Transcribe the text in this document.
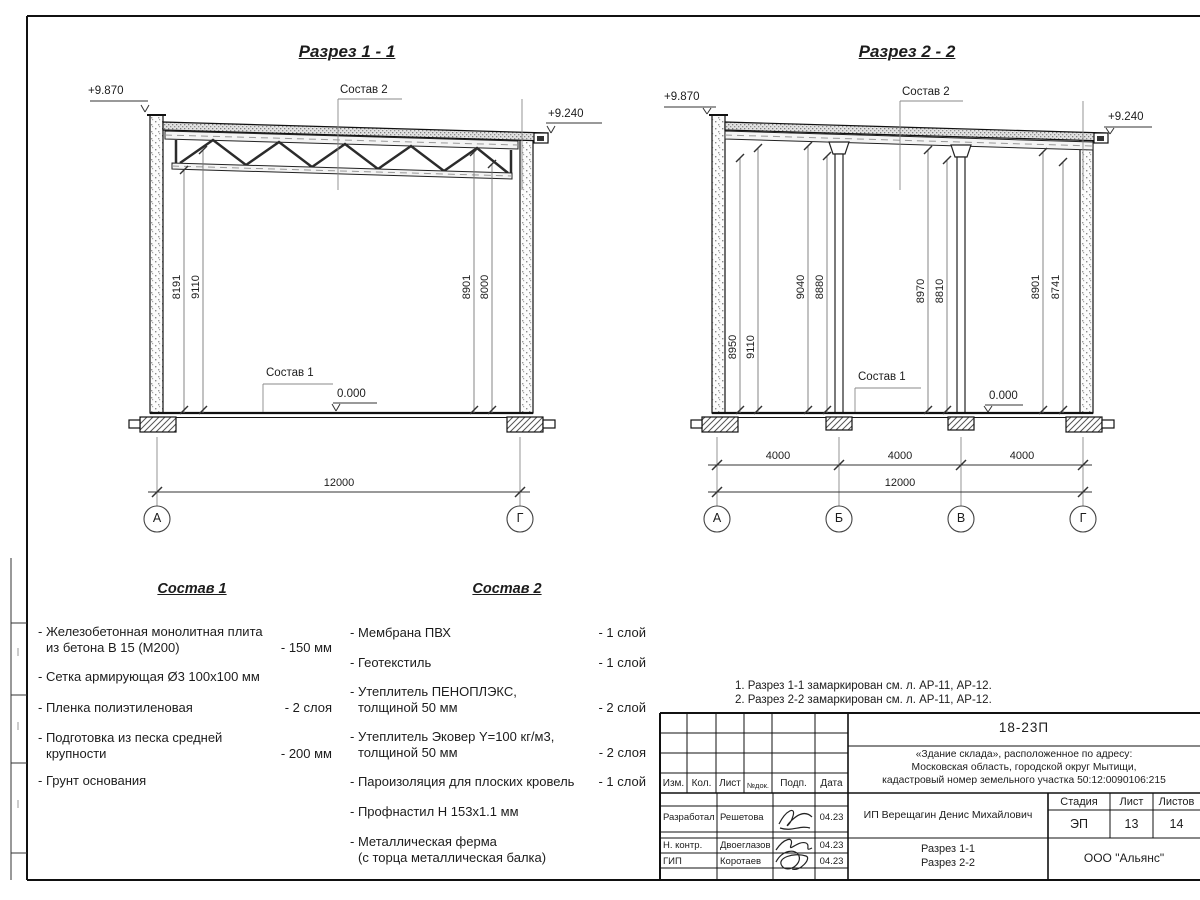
Разрез 1 - 1
+9.870
+9.240
Состав 2
Состав 1
0.000
8191 9110	8901 8000
12000
А	Г
Разрез 2 - 2
+9.870
+9.240
Состав 2
Состав 1
0.000
8950 9110
9040 8880	8970 8810	8901 8741
4000	4000	4000
12000
А	Б	В	Г
Состав 1
- Железобетонная монолитная плита
из бетона В 15 (М200)	- 150 мм
- Сетка армирующая Ø3 100х100 мм
- Пленка полиэтиленовая	- 2 слоя
- Подготовка из песка средней
крупности	- 200 мм
- Грунт основания
Состав 2
- Мембрана ПВХ	- 1 слой
- Геотекстиль	- 1 слой
- Утеплитель ПЕНОПЛЭКС,
толщиной 50 мм	- 2 слой
- Утеплитель Эковер Y=100 кг/м3,
толщиной 50 мм	- 2 слоя
- Пароизоляция для плоских кровель	- 1 слой
- Профнастил Н 153х1.1 мм
- Металлическая ферма
(с торца металлическая балка)
1. Разрез 1-1 замаркирован см. л. АР-11, АР-12.
2. Разрез 2-2 замаркирован см. л. АР-11, АР-12.
18-23П
«Здание склада», расположенное по адресу:
Московская область, городской округ Мытищи,
кадастровый номер земельного участка 50:12:0090106:215
Изм. Кол. Лист №док.	Подп.	Дата
Разработал Решетова	04.23
Н. контр. Двоеглазов	04.23
ГИП	Коротаев	04.23
ИП Верещагин Денис Михайлович
Разрез 1-1
Разрез 2-2
Стадия	Лист	Листов
ЭП	13	14
ООО "Альянс"
